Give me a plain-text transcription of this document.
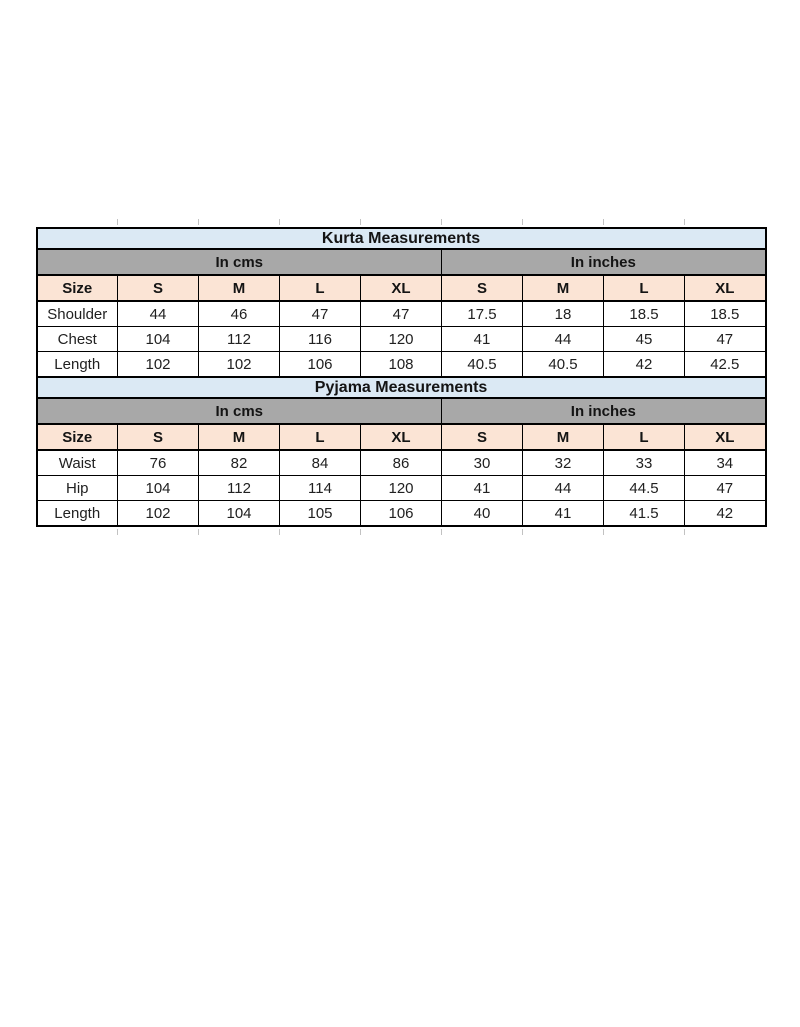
Kurta Measurements								
In cms					In inches			
Size	S	M	L	XL	S	M	L	XL
Shoulder	44	46	47	47	17.5	18	18.5	18.5
Chest	104	112	116	120	41	44	45	47
Length	102	102	106	108	40.5	40.5	42	42.5
Pyjama Measurements								
In cms					In inches			
Size	S	M	L	XL	S	M	L	XL
Waist	76	82	84	86	30	32	33	34
Hip	104	112	114	120	41	44	44.5	47
Length	102	104	105	106	40	41	41.5	42
